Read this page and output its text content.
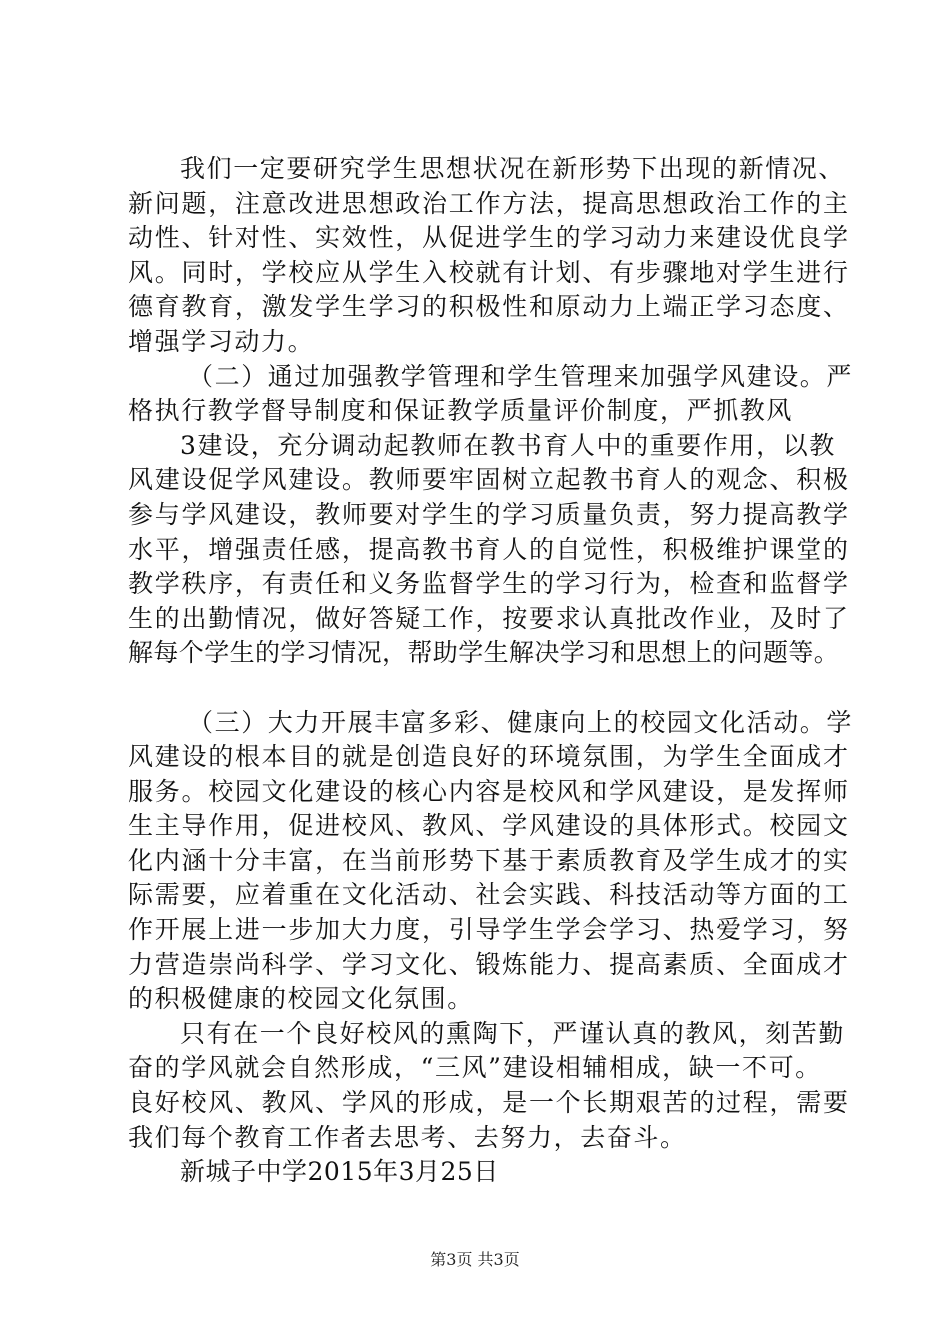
我们一定要研究学生思想状况在新形势下出现的新情况、
新问题，注意改进思想政治工作方法，提高思想政治工作的主
动性、针对性、实效性，从促进学生的学习动力来建设优良学
风。同时，学校应从学生入校就有计划、有步骤地对学生进行
德育教育，激发学生学习的积极性和原动力上端正学习态度、
增强学习动力。
（二）通过加强教学管理和学生管理来加强学风建设。严
格执行教学督导制度和保证教学质量评价制度，严抓教风
3建设，充分调动起教师在教书育人中的重要作用，以教
风建设促学风建设。教师要牢固树立起教书育人的观念、积极
参与学风建设，教师要对学生的学习质量负责，努力提高教学
水平，增强责任感，提高教书育人的自觉性，积极维护课堂的
教学秩序，有责任和义务监督学生的学习行为，检查和监督学
生的出勤情况，做好答疑工作，按要求认真批改作业，及时了
解每个学生的学习情况，帮助学生解决学习和思想上的问题等。
（三）大力开展丰富多彩、健康向上的校园文化活动。学
风建设的根本目的就是创造良好的环境氛围，为学生全面成才
服务。校园文化建设的核心内容是校风和学风建设，是发挥师
生主导作用，促进校风、教风、学风建设的具体形式。校园文
化内涵十分丰富，在当前形势下基于素质教育及学生成才的实
际需要，应着重在文化活动、社会实践、科技活动等方面的工
作开展上进一步加大力度，引导学生学会学习、热爱学习，努
力营造崇尚科学、学习文化、锻炼能力、提高素质、全面成才
的积极健康的校园文化氛围。
只有在一个良好校风的熏陶下，严谨认真的教风，刻苦勤
奋的学风就会自然形成，“三风”建设相辅相成，缺一不可。
良好校风、教风、学风的形成，是一个长期艰苦的过程，需要
我们每个教育工作者去思考、去努力，去奋斗。
新城子中学2015年3月25日
第3页 共3页
